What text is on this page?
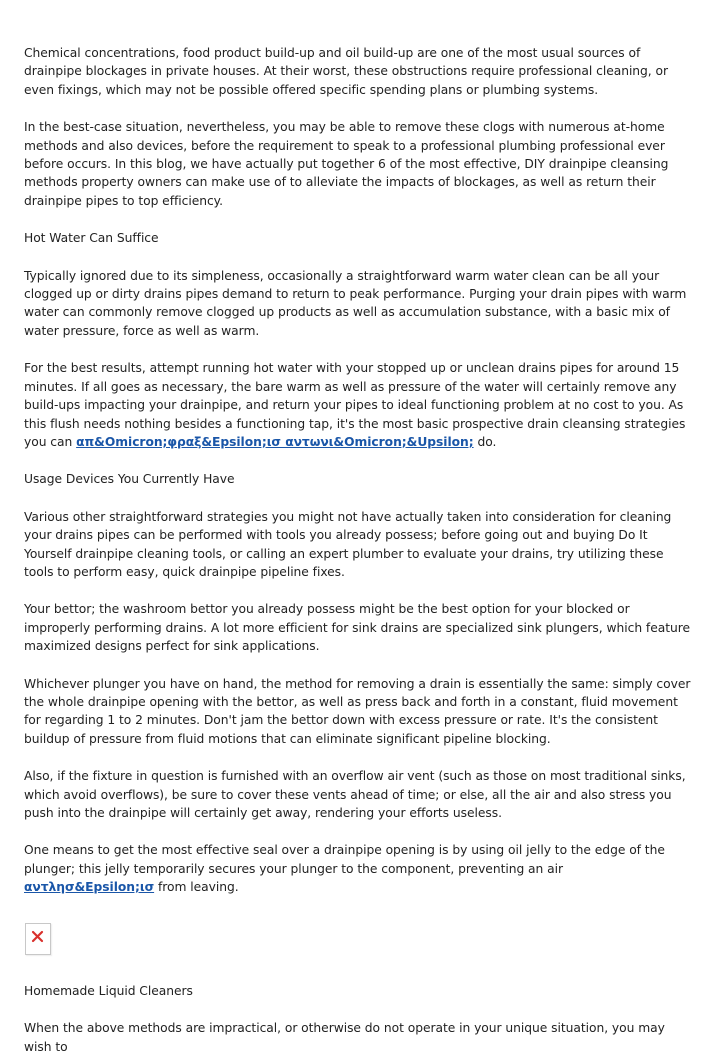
Chemical concentrations, food product build-up and oil build-up are one of the most usual sources of drainpipe blockages in private houses. At their worst, these obstructions require professional cleaning, or even fixings, which may not be possible offered specific spending plans or plumbing systems.

In the best-case situation, nevertheless, you may be able to remove these clogs with numerous at-home methods and also devices, before the requirement to speak to a professional plumbing professional ever before occurs. In this blog, we have actually put together 6 of the most effective, DIY drainpipe cleansing methods property owners can make use of to alleviate the impacts of blockages, as well as return their drainpipe pipes to top efficiency.

Hot Water Can Suffice

Typically ignored due to its simpleness, occasionally a straightforward warm water clean can be all your clogged up or dirty drains pipes demand to return to peak performance. Purging your drain pipes with warm water can commonly remove clogged up products as well as accumulation substance, with a basic mix of water pressure, force as well as warm.

For the best results, attempt running hot water with your stopped up or unclean drains pipes for around 15 minutes. If all goes as necessary, the bare warm as well as pressure of the water will certainly remove any build-ups impacting your drainpipe, and return your pipes to ideal functioning problem at no cost to you. As this flush needs nothing besides a functioning tap, it's the most basic prospective drain cleansing strategies you can απ&Omicron;φραξ&Epsilon;ισ αντωνι&Omicron;&Upsilon; do.

Usage Devices You Currently Have

Various other straightforward strategies you might not have actually taken into consideration for cleaning your drains pipes can be performed with tools you already possess; before going out and buying Do It Yourself drainpipe cleaning tools, or calling an expert plumber to evaluate your drains, try utilizing these tools to perform easy, quick drainpipe pipeline fixes.

Your bettor; the washroom bettor you already possess might be the best option for your blocked or improperly performing drains. A lot more efficient for sink drains are specialized sink plungers, which feature maximized designs perfect for sink applications.

Whichever plunger you have on hand, the method for removing a drain is essentially the same: simply cover the whole drainpipe opening with the bettor, as well as press back and forth in a constant, fluid movement for regarding 1 to 2 minutes. Don't jam the bettor down with excess pressure or rate. It's the consistent buildup of pressure from fluid motions that can eliminate significant pipeline blocking.

Also, if the fixture in question is furnished with an overflow air vent (such as those on most traditional sinks, which avoid overflows), be sure to cover these vents ahead of time; or else, all the air and also stress you push into the drainpipe will certainly get away, rendering your efforts useless.

One means to get the most effective seal over a drainpipe opening is by using oil jelly to the edge of the plunger; this jelly temporarily secures your plunger to the component, preventing an air αντλησ&Epsilon;ισ from leaving.

Homemade Liquid Cleaners

When the above methods are impractical, or otherwise do not operate in your unique situation, you may wish to
